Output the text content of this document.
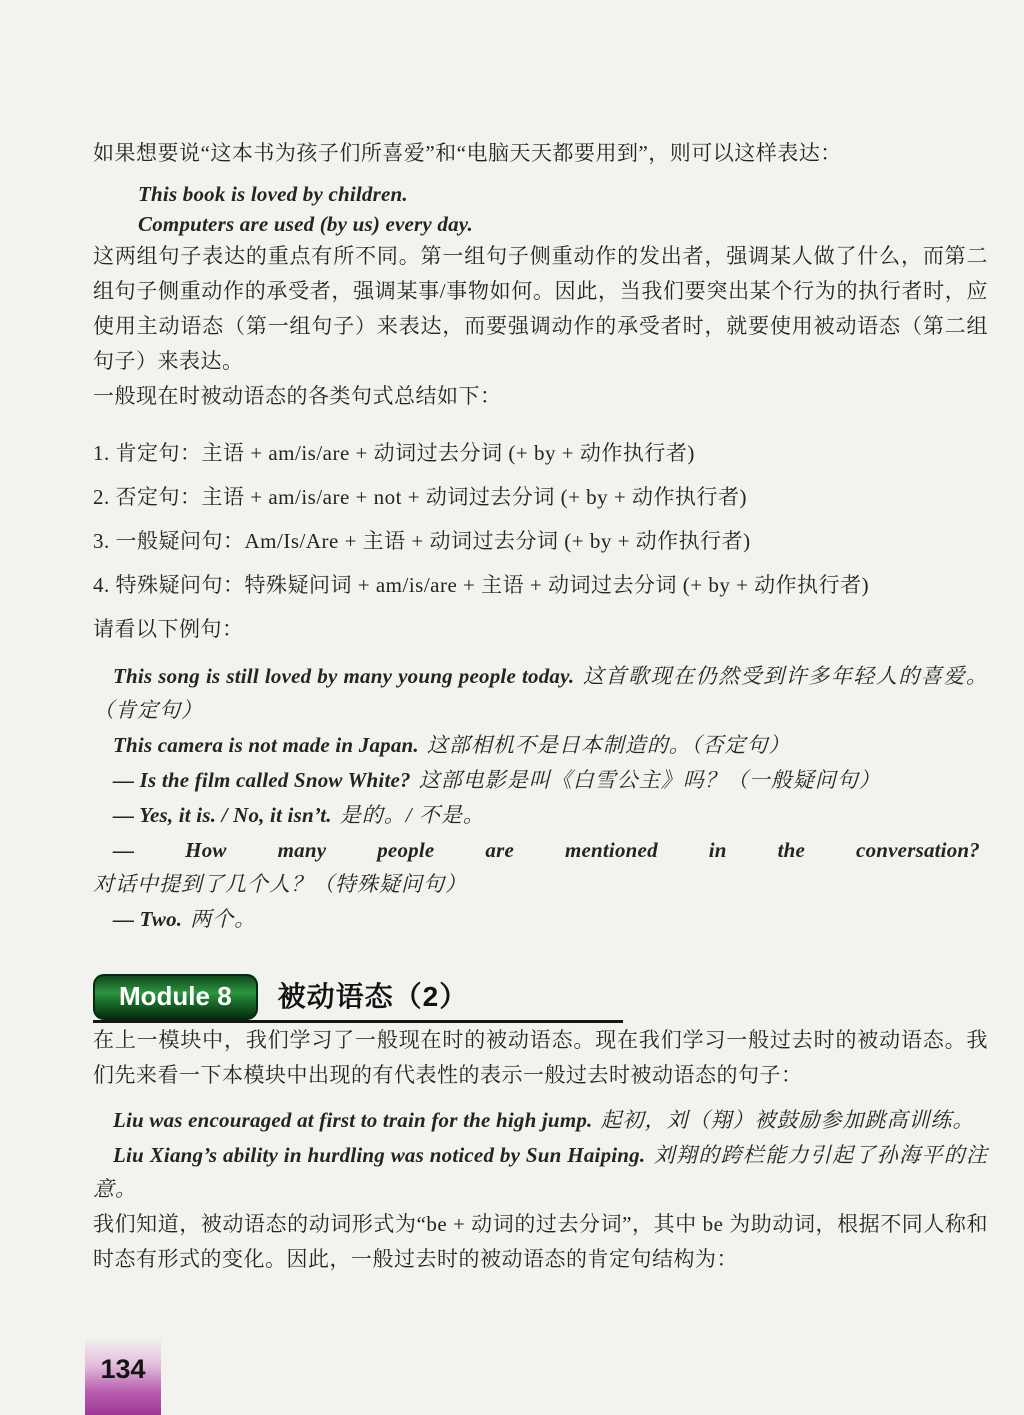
如果想要说“这本书为孩子们所喜爱”和“电脑天天都要用到”，则可以这样表达：

This book is loved by children.
Computers are used (by us) every day.

这两组句子表达的重点有所不同。第一组句子侧重动作的发出者，强调某人做了什么，而第二组句子侧重动作的承受者，强调某事/事物如何。因此，当我们要突出某个行为的执行者时，应使用主动语态（第一组句子）来表达，而要强调动作的承受者时，就要使用被动语态（第二组句子）来表达。

一般现在时被动语态的各类句式总结如下：

1. 肯定句：主语 + am/is/are + 动词过去分词 (+ by + 动作执行者)

2. 否定句：主语 + am/is/are + not + 动词过去分词 (+ by + 动作执行者)

3. 一般疑问句：Am/Is/Are + 主语 + 动词过去分词 (+ by + 动作执行者)

4. 特殊疑问句：特殊疑问词 + am/is/are + 主语 + 动词过去分词 (+ by + 动作执行者)

请看以下例句：

This song is still loved by many young people today. 这首歌现在仍然受到许多年轻人的喜爱。（肯定句）
This camera is not made in Japan. 这部相机不是日本制造的。（否定句）
— Is the film called Snow White? 这部电影是叫《白雪公主》吗？（一般疑问句）
— Yes, it is. / No, it isn’t. 是的。/ 不是。
— How many people are mentioned in the conversation?对话中提到了几个人？（特殊疑问句）
— Two. 两个。
Module 8	被动语态（2）

在上一模块中，我们学习了一般现在时的被动语态。现在我们学习一般过去时的被动语态。我们先来看一下本模块中出现的有代表性的表示一般过去时被动语态的句子：

Liu was encouraged at first to train for the high jump. 起初，刘（翔）被鼓励参加跳高训练。
Liu Xiang’s ability in hurdling was noticed by Sun Haiping. 刘翔的跨栏能力引起了孙海平的注意。

我们知道，被动语态的动词形式为“be + 动词的过去分词”，其中 be 为助动词，根据不同人称和时态有形式的变化。因此，一般过去时的被动语态的肯定句结构为：

134
